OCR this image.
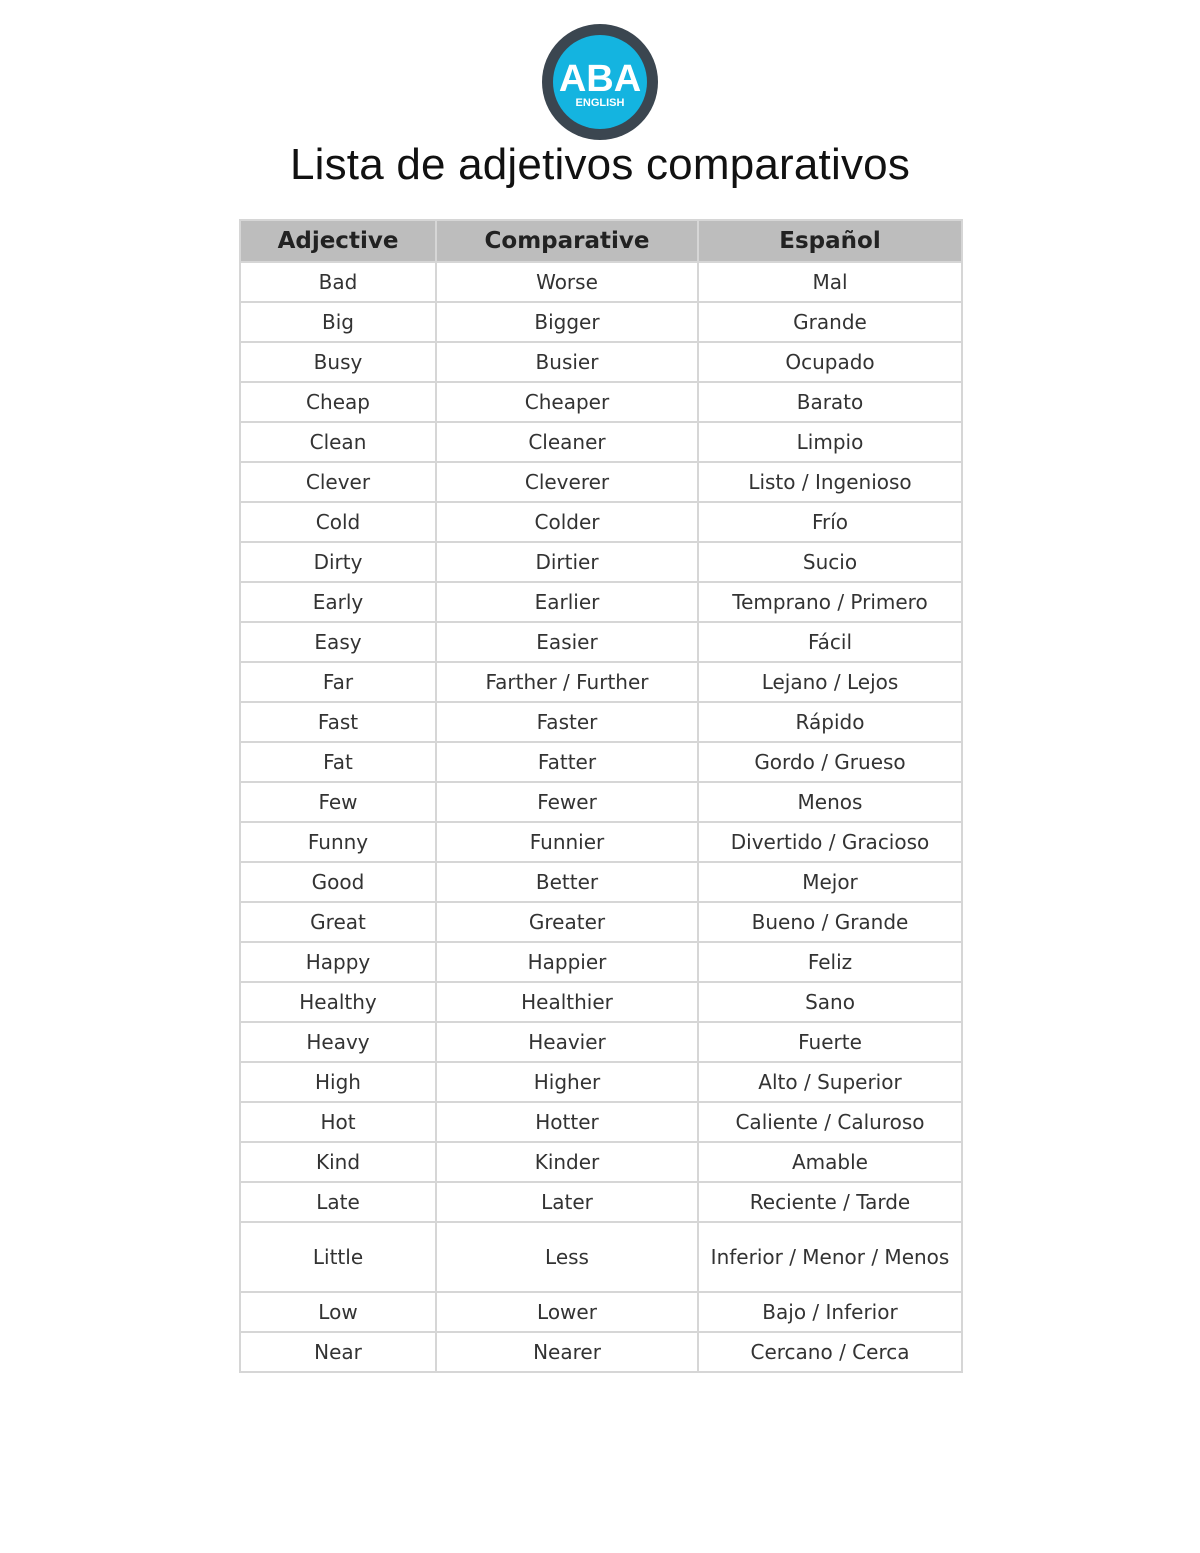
ABA
ENGLISH
Lista de adjetivos comparativos
Adjective	Comparative	Español
Bad	Worse	Mal
Big	Bigger	Grande
Busy	Busier	Ocupado
Cheap	Cheaper	Barato
Clean	Cleaner	Limpio
Clever	Cleverer	Listo / Ingenioso
Cold	Colder	Frío
Dirty	Dirtier	Sucio
Early	Earlier	Temprano / Primero
Easy	Easier	Fácil
Far	Farther / Further	Lejano / Lejos
Fast	Faster	Rápido
Fat	Fatter	Gordo / Grueso
Few	Fewer	Menos
Funny	Funnier	Divertido / Gracioso
Good	Better	Mejor
Great	Greater	Bueno / Grande
Happy	Happier	Feliz
Healthy	Healthier	Sano
Heavy	Heavier	Fuerte
High	Higher	Alto / Superior
Hot	Hotter	Caliente / Caluroso
Kind	Kinder	Amable
Late	Later	Reciente / Tarde
Little	Less	Inferior / Menor / Menos
Low	Lower	Bajo / Inferior
Near	Nearer	Cercano / Cerca
